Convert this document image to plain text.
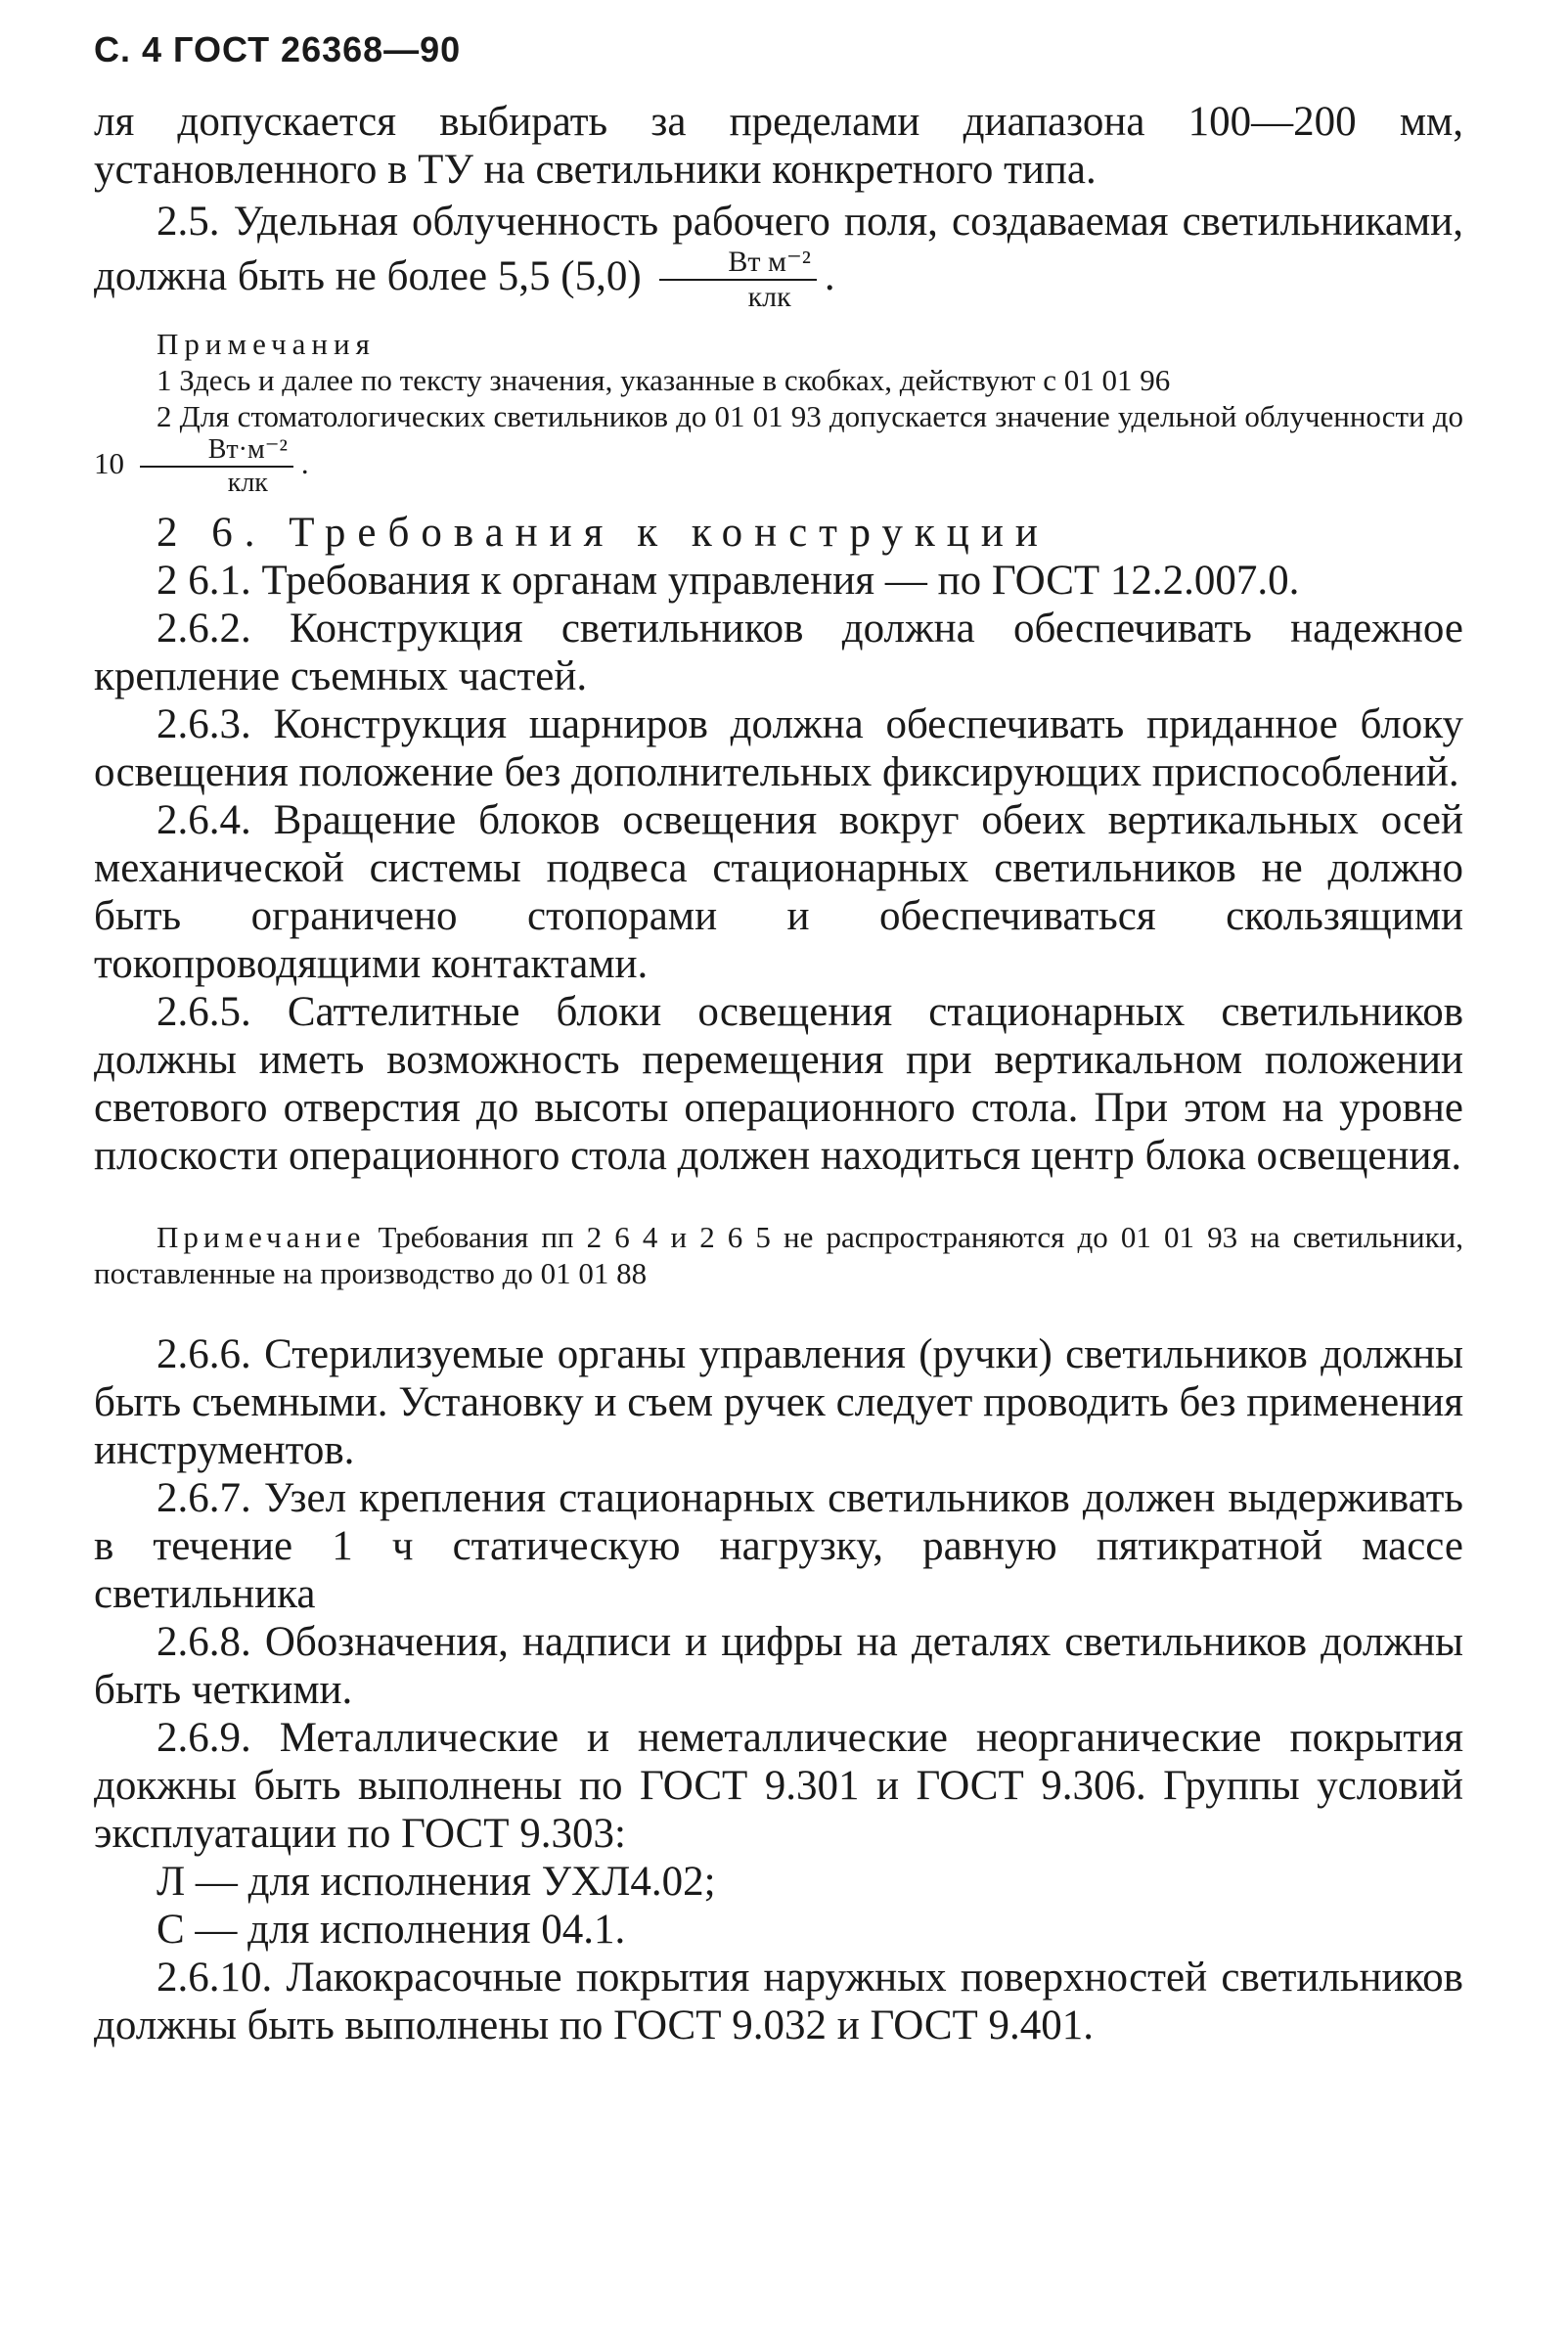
С. 4 ГОСТ 26368—90

ля допускается выбирать за пределами диапазона 100—200 мм, установленного в ТУ на светильники конкретного типа.

2.5. Удельная облученность рабочего поля, создаваемая светильниками, должна быть не более 5,5 $(5,0) \frac{\text{Вт м⁻²}}{\text{клк}}$ .

Примечания

1 Здесь и далее по тексту значения, указанные в скобках, действуют с 01 01 96

2 Для стоматологических светильников до 01 01 93 допускается значение удельной облученности до $10 \frac{\text{Вт·м⁻²}}{\text{клк}}$ .

2 6. Требования к конструкции

2 6.1. Требования к органам управления — по ГОСТ 12.2.007.0.

2.6.2. Конструкция светильников должна обеспечивать надежное крепление съемных частей.

2.6.3. Конструкция шарниров должна обеспечивать приданное блоку освещения положение без дополнительных фиксирующих приспособлений.

2.6.4. Вращение блоков освещения вокруг обеих вертикальных осей механической системы подвеса стационарных светильников не должно быть ограничено стопорами и обеспечиваться скользящими токопроводящими контактами.

2.6.5. Саттелитные блоки освещения стационарных светильников должны иметь возможность перемещения при вертикальном положении светового отверстия до высоты операционного стола. При этом на уровне плоскости операционного стола должен находиться центр блока освещения.

Примечание Требования пп 2 6 4 и 2 6 5 не распространяются до 01 01 93 на светильники, поставленные на производство до 01 01 88

2.6.6. Стерилизуемые органы управления (ручки) светильников должны быть съемными. Установку и съем ручек следует проводить без применения инструментов.

2.6.7. Узел крепления стационарных светильников должен выдерживать в течение 1 ч статическую нагрузку, равную пятикратной массе светильника

2.6.8. Обозначения, надписи и цифры на деталях светильников должны быть четкими.

2.6.9. Металлические и неметаллические неорганические покрытия докжны быть выполнены по ГОСТ 9.301 и ГОСТ 9.306. Группы условий эксплуатации по ГОСТ 9.303:

Л — для исполнения УХЛ4.02;

С — для исполнения 04.1.

2.6.10. Лакокрасочные покрытия наружных поверхностей светильников должны быть выполнены по ГОСТ 9.032 и ГОСТ 9.401.
